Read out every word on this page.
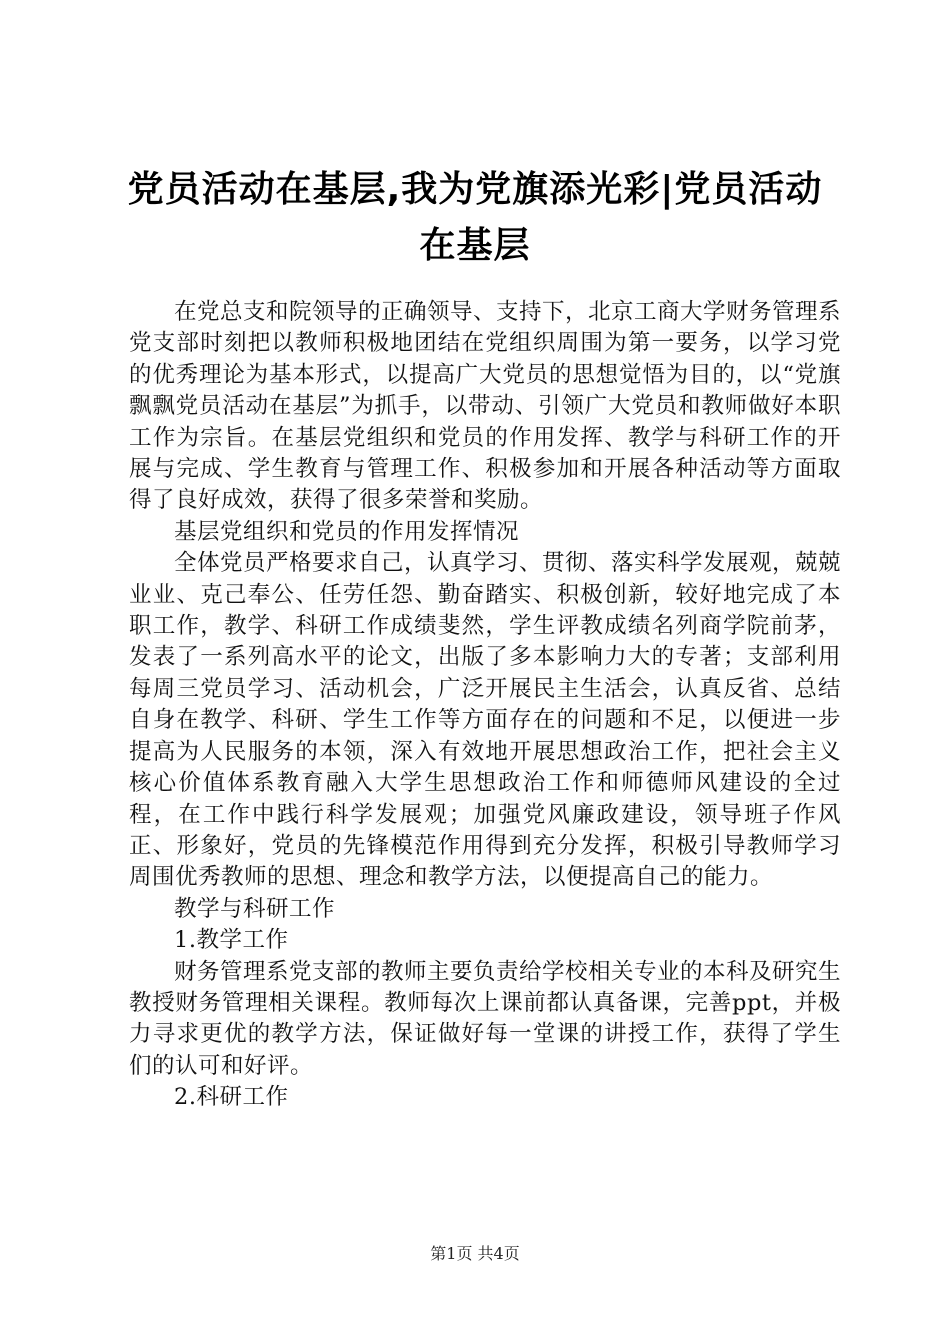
党员活动在基层,我为党旗添光彩|党员活动在基层

在党总支和院领导的正确领导、支持下，北京工商大学财务管理系党支部时刻把以教师积极地团结在党组织周围为第一要务，以学习党的优秀理论为基本形式，以提高广大党员的思想觉悟为目的，以“党旗飘飘党员活动在基层”为抓手，以带动、引领广大党员和教师做好本职工作为宗旨。在基层党组织和党员的作用发挥、教学与科研工作的开展与完成、学生教育与管理工作、积极参加和开展各种活动等方面取得了良好成效，获得了很多荣誉和奖励。

基层党组织和党员的作用发挥情况

全体党员严格要求自己，认真学习、贯彻、落实科学发展观，兢兢业业、克己奉公、任劳任怨、勤奋踏实、积极创新，较好地完成了本职工作，教学、科研工作成绩斐然，学生评教成绩名列商学院前茅，发表了一系列高水平的论文，出版了多本影响力大的专著；支部利用每周三党员学习、活动机会，广泛开展民主生活会，认真反省、总结自身在教学、科研、学生工作等方面存在的问题和不足，以便进一步提高为人民服务的本领，深入有效地开展思想政治工作，把社会主义核心价值体系教育融入大学生思想政治工作和师德师风建设的全过程，在工作中践行科学发展观；加强党风廉政建设，领导班子作风正、形象好，党员的先锋模范作用得到充分发挥，积极引导教师学习周围优秀教师的思想、理念和教学方法，以便提高自己的能力。

教学与科研工作

1.教学工作

财务管理系党支部的教师主要负责给学校相关专业的本科及研究生教授财务管理相关课程。教师每次上课前都认真备课，完善ppt，并极力寻求更优的教学方法，保证做好每一堂课的讲授工作，获得了学生们的认可和好评。

2.科研工作

第1页 共4页
